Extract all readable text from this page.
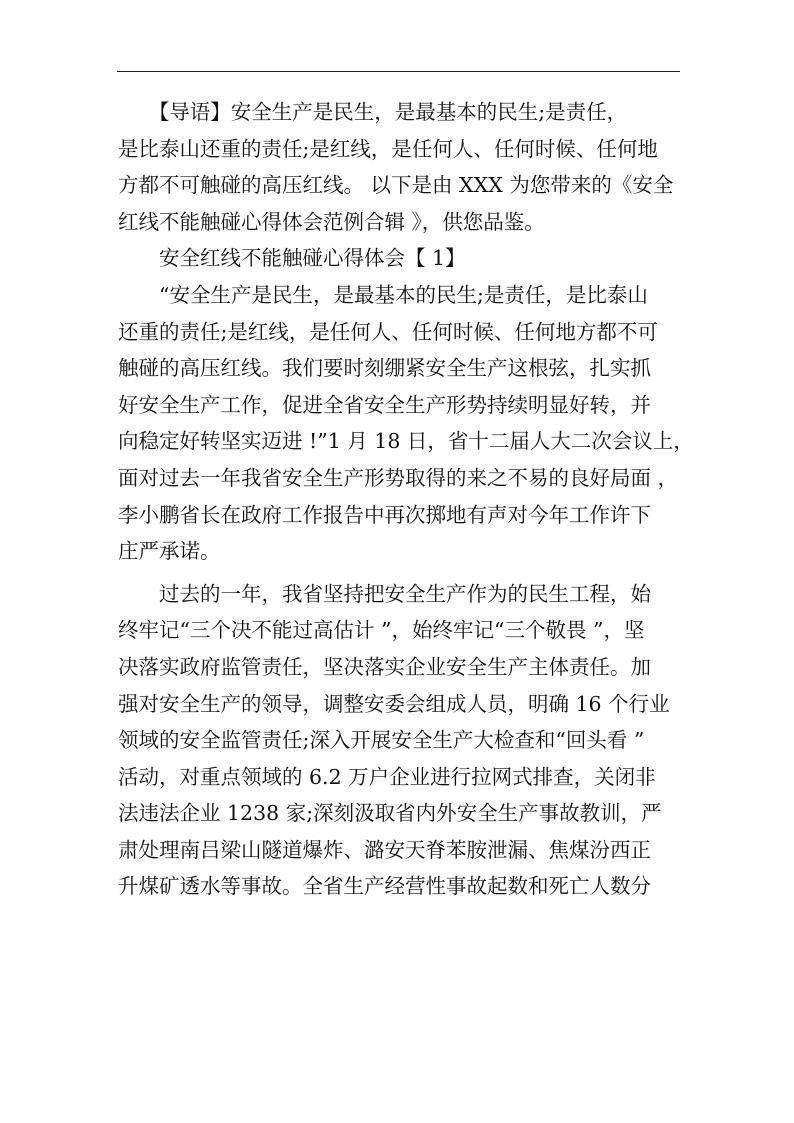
　　【导语】安全生产是民生，是最基本的民生;是责任，
是比泰山还重的责任;是红线，是任何人、任何时候、任何地
方都不可触碰的高压红线。 以下是由 XXX 为您带来的《安全
红线不能触碰心得体会范例合辑 》，供您品鉴。
　　安全红线不能触碰心得体会【 1】
　　“安全生产是民生，是最基本的民生;是责任，是比泰山
还重的责任;是红线，是任何人、任何时候、任何地方都不可
触碰的高压红线。我们要时刻绷紧安全生产这根弦，扎实抓
好安全生产工作，促进全省安全生产形势持续明显好转，并
向稳定好转坚实迈进 !”1 月 18 日，省十二届人大二次会议上，
面对过去一年我省安全生产形势取得的来之不易的良好局面 ，
李小鹏省长在政府工作报告中再次掷地有声对今年工作许下
庄严承诺。
　　过去的一年，我省坚持把安全生产作为的民生工程，始
终牢记“三个决不能过高估计 ”，始终牢记“三个敬畏 ”，坚
决落实政府监管责任，坚决落实企业安全生产主体责任。加
强对安全生产的领导，调整安委会组成人员，明确 16 个行业
领域的安全监管责任;深入开展安全生产大检查和“回头看 ”
活动，对重点领域的 6.2 万户企业进行拉网式排查，关闭非
法违法企业 1238 家;深刻汲取省内外安全生产事故教训，严
肃处理南吕梁山隧道爆炸、潞安天脊苯胺泄漏、焦煤汾西正
升煤矿透水等事故。全省生产经营性事故起数和死亡人数分
